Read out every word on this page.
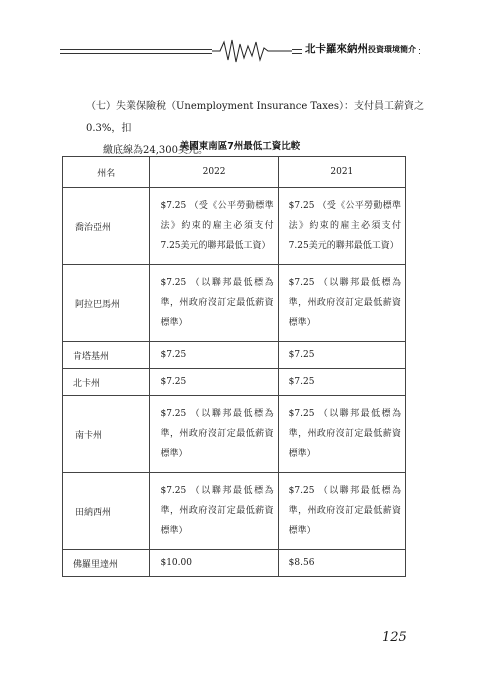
北卡羅來納州投資環境簡介
（七）失業保險稅（Unemployment Insurance Taxes）：支付員工薪資之0.3%，扣
繳底線為24,300美元。
美國東南區7州最低工資比較
州名	2022	2021
喬治亞州	$7.25 （受《公平勞動標準法》約束的雇主必須支付7.25美元的聯邦最低工資）	$7.25 （受《公平勞動標準法》約束的雇主必須支付7.25美元的聯邦最低工資）
阿拉巴馬州	$7.25 （以聯邦最低標為準，州政府沒訂定最低薪資標準）	$7.25 （以聯邦最低標為準，州政府沒訂定最低薪資標準）
肯塔基州	$7.25	$7.25
北卡州	$7.25	$7.25
南卡州	$7.25 （以聯邦最低標為準，州政府沒訂定最低薪資標準）	$7.25 （以聯邦最低標為準，州政府沒訂定最低薪資標準）
田納西州	$7.25 （以聯邦最低標為準，州政府沒訂定最低薪資標準）	$7.25 （以聯邦最低標為準，州政府沒訂定最低薪資標準）
佛羅里達州	$10.00	$8.56
125
